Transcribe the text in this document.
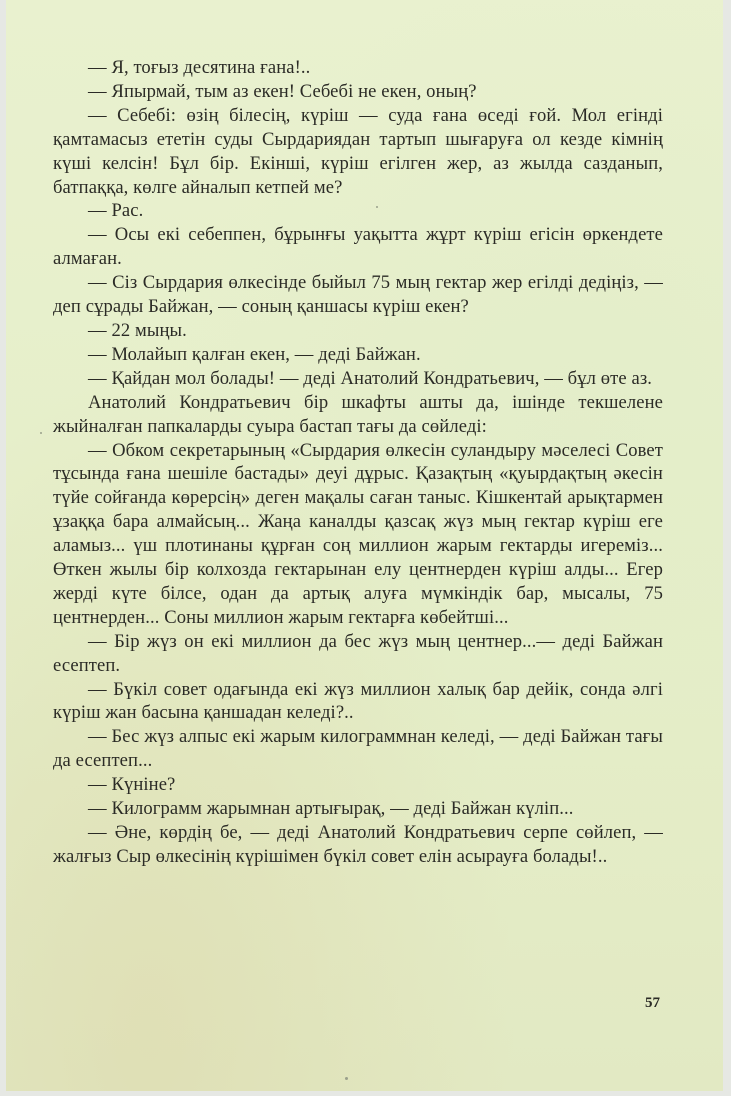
— Я, тоғыз десятина ғана!..

— Япырмай, тым аз екен! Себебі не екен, оның?

— Себебі: өзің білесің, күріш — суда ғана өседі ғой. Мол егінді қамтамасыз ететін суды Сырдариядан тартып шығаруға ол кезде кімнің күші келсін! Бұл бір. Екінші, күріш егілген жер, аз жылда сазданып, батпаққа, көлге айналып кетпей ме?

— Рас.

— Осы екі себеппен, бұрынғы уақытта жұрт күріш егісін өркендете алмаған.

— Сіз Сырдария өлкесінде быйыл 75 мың гектар жер егілді дедіңіз, — деп сұрады Байжан, — соның қаншасы күріш екен?

— 22 мыңы.

— Молайып қалған екен, — деді Байжан.

— Қайдан мол болады! — деді Анатолий Кондратьевич, — бұл өте аз.

Анатолий Кондратьевич бір шкафты ашты да, ішінде текшелене жыйналған папкаларды суыра бастап тағы да сөйледі:

— Обком секретарының «Сырдария өлкесін суландыру мәселесі Совет тұсында ғана шешіле бастады» деуі дұрыс. Қазақтың «қуырдақтың әкесін түйе сойғанда көрерсің» деген мақалы саған таныс. Кішкентай арықтармен ұзаққа бара алмайсың... Жаңа каналды қазсақ жүз мың гектар күріш еге аламыз... үш плотинаны құрған соң миллион жарым гектарды игереміз... Өткен жылы бір колхозда гектарынан елу центнерден күріш алды... Егер жерді күте білсе, одан да артық алуға мүмкіндік бар, мысалы, 75 центнерден... Соны миллион жарым гектарға көбейтші...

— Бір жүз он екі миллион да бес жүз мың центнер...— деді Байжан есептеп.

— Бүкіл совет одағында екі жүз миллион халық бар дейік, сонда әлгі күріш жан басына қаншадан келеді?..

— Бес жүз алпыс екі жарым килограммнан келеді, — деді Байжан тағы да есептеп...

— Күніне?

— Килограмм жарымнан артығырақ, — деді Байжан күліп...

— Әне, көрдің бе, — деді Анатолий Кондратьевич серпе сөйлеп, — жалғыз Сыр өлкесінің күрішімен бүкіл совет елін асырауға болады!..

57
